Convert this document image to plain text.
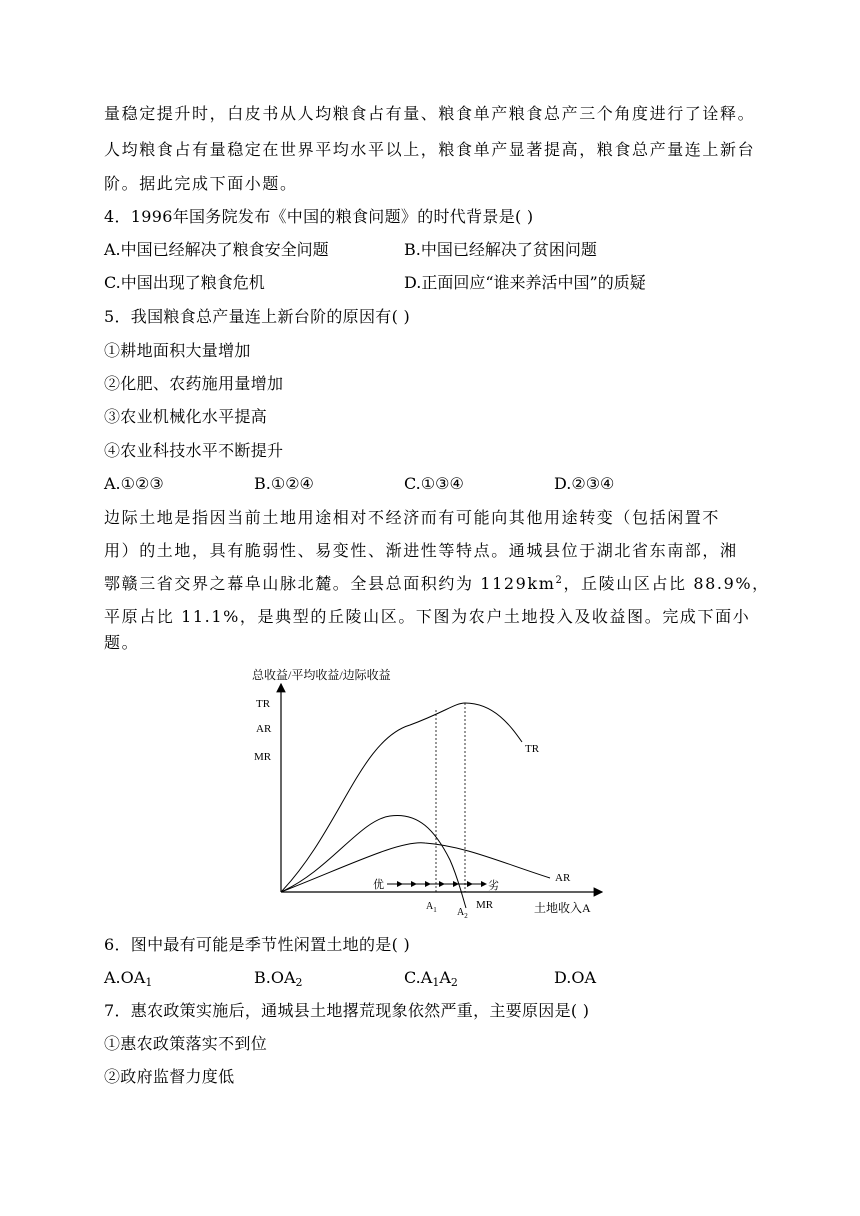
量稳定提升时，白皮书从人均粮食占有量、粮食单产粮食总产三个角度进行了诠释。
人均粮食占有量稳定在世界平均水平以上，粮食单产显著提高，粮食总产量连上新台
阶。据此完成下面小题。
4．1996年国务院发布《中国的粮食问题》的时代背景是( )
A.中国已经解决了粮食安全问题	B.中国已经解决了贫困问题
C.中国出现了粮食危机	D.正面回应“谁来养活中国”的质疑
5．我国粮食总产量连上新台阶的原因有( )
①耕地面积大量增加
②化肥、农药施用量增加
③农业机械化水平提高
④农业科技水平不断提升
A.①②③	B.①②④	C.①③④	D.②③④
边际土地是指因当前土地用途相对不经济而有可能向其他用途转变（包括闲置不
用）的土地，具有脆弱性、易变性、渐进性等特点。通城县位于湖北省东南部，湘
鄂赣三省交界之幕阜山脉北麓。全县总面积约为 $1129km^2$，丘陵山区占比 88.9%，
平原占比 11.1%，是典型的丘陵山区。下图为农户土地投入及收益图。完成下面小
题。
总收益/平均收益/边际收益
土地收入A
TR
AR
MR
TR
AR
优	劣
$A_1$ $A_2$
MR
6．图中最有可能是季节性闲置土地的是( )
$A.OA_1$	$B.OA_2$	$C.A_1A_2$	D.OA
7．惠农政策实施后，通城县土地撂荒现象依然严重，主要原因是( )
①惠农政策落实不到位
②政府监督力度低
